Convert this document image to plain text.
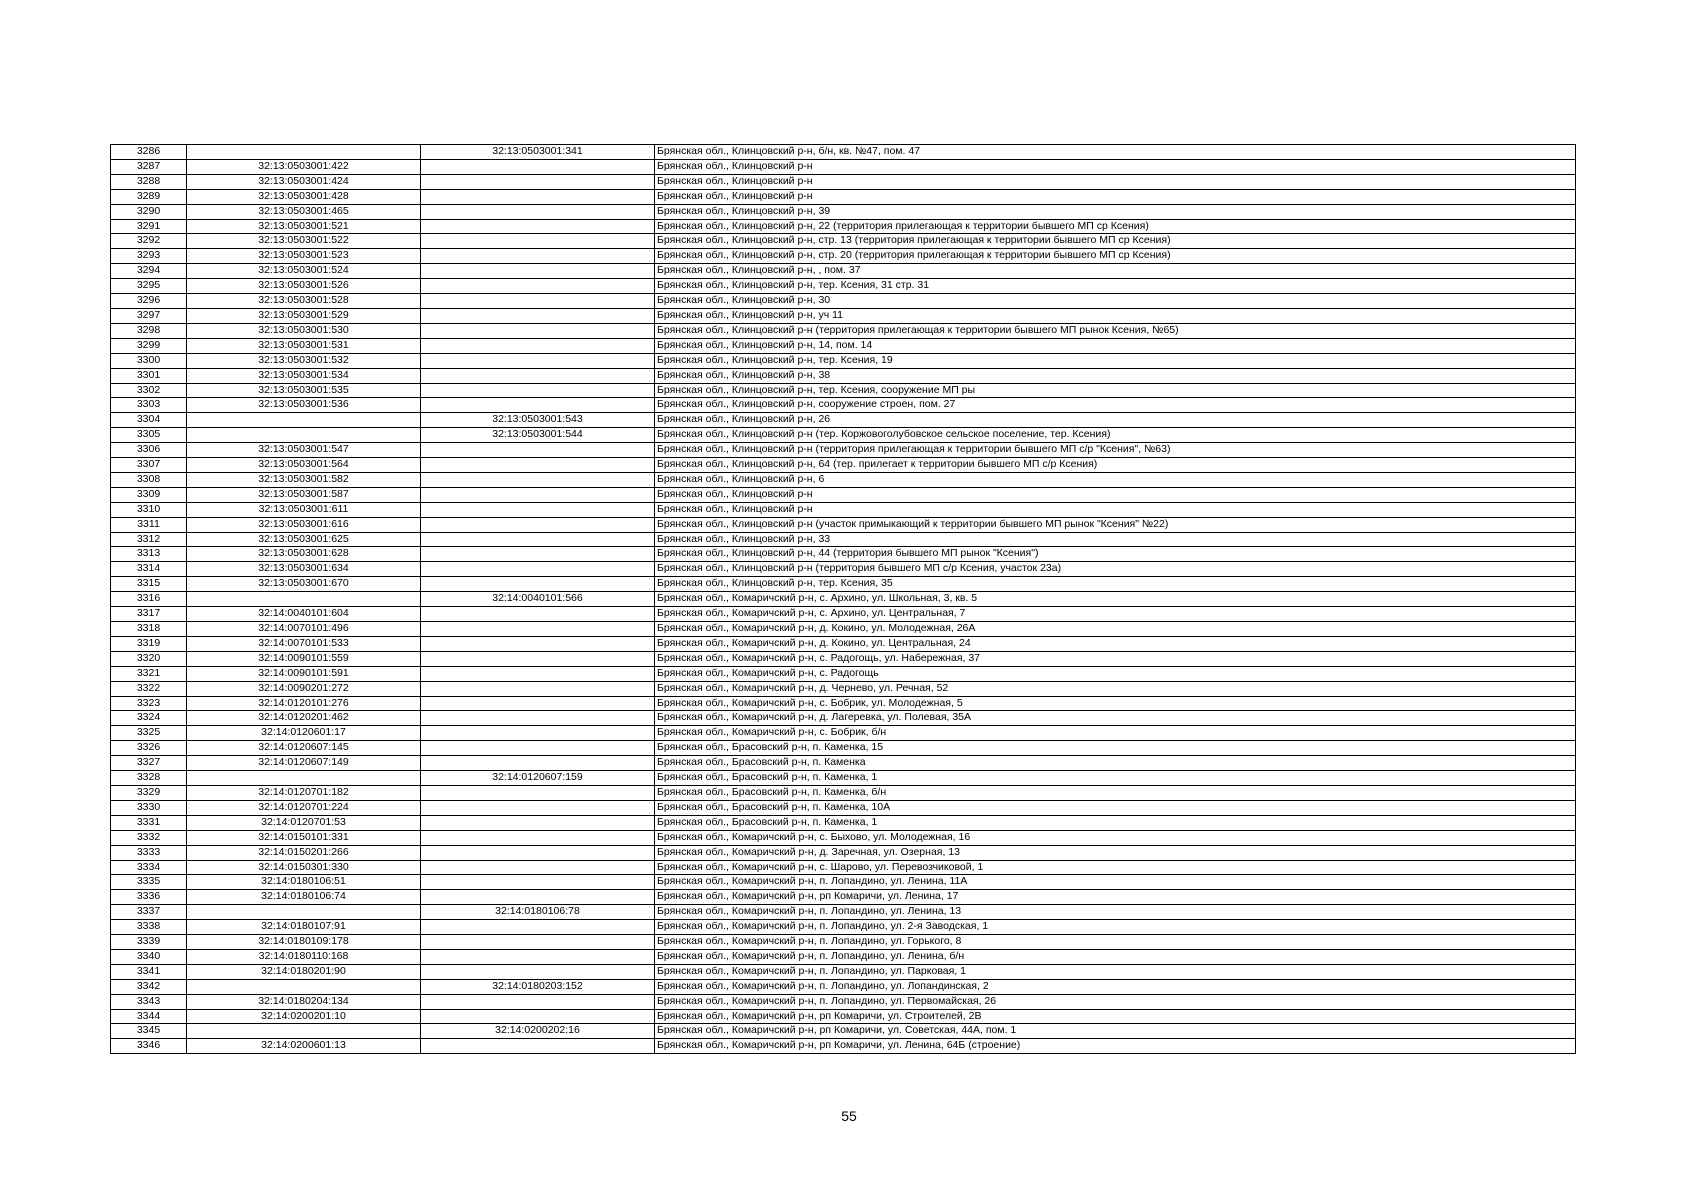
3286		32:13:0503001:341	Брянская обл., Клинцовский р-н, б/н, кв. №47, пом. 47
3287	32:13:0503001:422		Брянская обл., Клинцовский р-н
3288	32:13:0503001:424		Брянская обл., Клинцовский р-н
3289	32:13:0503001:428		Брянская обл., Клинцовский р-н
3290	32:13:0503001:465		Брянская обл., Клинцовский р-н, 39
3291	32:13:0503001:521		Брянская обл., Клинцовский р-н, 22 (территория прилегающая к территории бывшего МП ср Ксения)
3292	32:13:0503001:522		Брянская обл., Клинцовский р-н, стр. 13 (территория прилегающая к территории бывшего МП ср Ксения)
3293	32:13:0503001:523		Брянская обл., Клинцовский р-н, стр. 20 (территория прилегающая к территории бывшего МП ср Ксения)
3294	32:13:0503001:524		Брянская обл., Клинцовский р-н, , пом. 37
3295	32:13:0503001:526		Брянская обл., Клинцовский р-н, тер. Ксения, 31 стр. 31
3296	32:13:0503001:528		Брянская обл., Клинцовский р-н, 30
3297	32:13:0503001:529		Брянская обл., Клинцовский р-н, уч 11
3298	32:13:0503001:530		Брянская обл., Клинцовский р-н (территория прилегающая к территории бывшего МП рынок Ксения, №65)
3299	32:13:0503001:531		Брянская обл., Клинцовский р-н, 14, пом. 14
3300	32:13:0503001:532		Брянская обл., Клинцовский р-н, тер. Ксения, 19
3301	32:13:0503001:534		Брянская обл., Клинцовский р-н, 38
3302	32:13:0503001:535		Брянская обл., Клинцовский р-н, тер. Ксения, сооружение МП ры
3303	32:13:0503001:536		Брянская обл., Клинцовский р-н, сооружение строен, пом. 27
3304		32:13:0503001:543	Брянская обл., Клинцовский р-н, 26
3305		32:13:0503001:544	Брянская обл., Клинцовский р-н (тер. Коржовоголубовское сельское поселение, тер. Ксения)
3306	32:13:0503001:547		Брянская обл., Клинцовский р-н (территория прилегающая к территории бывшего МП с/р "Ксения", №63)
3307	32:13:0503001:564		Брянская обл., Клинцовский р-н, 64 (тер. прилегает к территории бывшего МП с/р Ксения)
3308	32:13:0503001:582		Брянская обл., Клинцовский р-н, 6
3309	32:13:0503001:587		Брянская обл., Клинцовский р-н
3310	32:13:0503001:611		Брянская обл., Клинцовский р-н
3311	32:13:0503001:616		Брянская обл., Клинцовский р-н (участок примыкающий к территории бывшего МП рынок "Ксения" №22)
3312	32:13:0503001:625		Брянская обл., Клинцовский р-н, 33
3313	32:13:0503001:628		Брянская обл., Клинцовский р-н, 44 (территория бывшего МП рынок "Ксения")
3314	32:13:0503001:634		Брянская обл., Клинцовский р-н (территория бывшего МП с/р Ксения, участок 23а)
3315	32:13:0503001:670		Брянская обл., Клинцовский р-н, тер. Ксения, 35
3316		32:14:0040101:566	Брянская обл., Комаричский р-н, с. Архино, ул. Школьная, 3, кв. 5
3317	32:14:0040101:604		Брянская обл., Комаричский р-н, с. Архино, ул. Центральная, 7
3318	32:14:0070101:496		Брянская обл., Комаричский р-н, д. Кокино, ул. Молодежная, 26А
3319	32:14:0070101:533		Брянская обл., Комаричский р-н, д. Кокино, ул. Центральная, 24
3320	32:14:0090101:559		Брянская обл., Комаричский р-н, с. Радогощь, ул. Набережная, 37
3321	32:14:0090101:591		Брянская обл., Комаричский р-н, с. Радогощь
3322	32:14:0090201:272		Брянская обл., Комаричский р-н, д. Чернево, ул. Речная, 52
3323	32:14:0120101:276		Брянская обл., Комаричский р-н, с. Бобрик, ул. Молодежная, 5
3324	32:14:0120201:462		Брянская обл., Комаричский р-н, д. Лагеревка, ул. Полевая, 35А
3325	32:14:0120601:17		Брянская обл., Комаричский р-н, с. Бобрик, б/н
3326	32:14:0120607:145		Брянская обл., Брасовский р-н, п. Каменка, 15
3327	32:14:0120607:149		Брянская обл., Брасовский р-н, п. Каменка
3328		32:14:0120607:159	Брянская обл., Брасовский р-н, п. Каменка, 1
3329	32:14:0120701:182		Брянская обл., Брасовский р-н, п. Каменка, б/н
3330	32:14:0120701:224		Брянская обл., Брасовский р-н, п. Каменка, 10А
3331	32:14:0120701:53		Брянская обл., Брасовский р-н, п. Каменка, 1
3332	32:14:0150101:331		Брянская обл., Комаричский р-н, с. Быхово, ул. Молодежная, 16
3333	32:14:0150201:266		Брянская обл., Комаричский р-н, д. Заречная, ул. Озерная, 13
3334	32:14:0150301:330		Брянская обл., Комаричский р-н, с. Шарово, ул. Перевозчиковой, 1
3335	32:14:0180106:51		Брянская обл., Комаричский р-н, п. Лопандино, ул. Ленина, 11А
3336	32:14:0180106:74		Брянская обл., Комаричский р-н, рп Комаричи, ул. Ленина, 17
3337		32:14:0180106:78	Брянская обл., Комаричский р-н, п. Лопандино, ул. Ленина, 13
3338	32:14:0180107:91		Брянская обл., Комаричский р-н, п. Лопандино, ул. 2-я Заводская, 1
3339	32:14:0180109:178		Брянская обл., Комаричский р-н, п. Лопандино, ул. Горького, 8
3340	32:14:0180110:168		Брянская обл., Комаричский р-н, п. Лопандино, ул. Ленина, б/н
3341	32:14:0180201:90		Брянская обл., Комаричский р-н, п. Лопандино, ул. Парковая, 1
3342		32:14:0180203:152	Брянская обл., Комаричский р-н, п. Лопандино, ул. Лопандинская, 2
3343	32:14:0180204:134		Брянская обл., Комаричский р-н, п. Лопандино, ул. Первомайская, 26
3344	32:14:0200201:10		Брянская обл., Комаричский р-н, рп Комаричи, ул. Строителей, 2В
3345		32:14:0200202:16	Брянская обл., Комаричский р-н, рп Комаричи, ул. Советская, 44А, пом. 1
3346	32:14:0200601:13		Брянская обл., Комаричский р-н, рп Комаричи, ул. Ленина, 64Б (строение)
55
